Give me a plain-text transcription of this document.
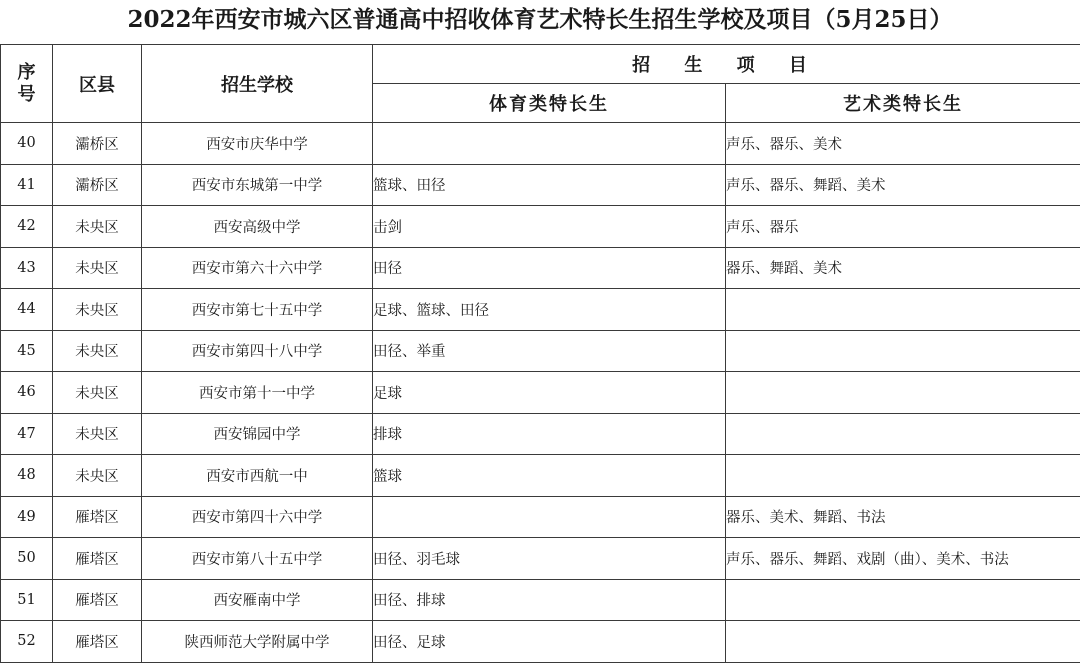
2022年西安市城六区普通高中招收体育艺术特长生招生学校及项目（5月25日）
序号	区县	招生学校	招 生 项 目	
			体育类特长生	艺术类特长生
40	灞桥区	西安市庆华中学		声乐、器乐、美术
41	灞桥区	西安市东城第一中学	篮球、田径	声乐、器乐、舞蹈、美术
42	未央区	西安高级中学	击剑	声乐、器乐
43	未央区	西安市第六十六中学	田径	器乐、舞蹈、美术
44	未央区	西安市第七十五中学	足球、篮球、田径	
45	未央区	西安市第四十八中学	田径、举重	
46	未央区	西安市第十一中学	足球	
47	未央区	西安锦园中学	排球	
48	未央区	西安市西航一中	篮球	
49	雁塔区	西安市第四十六中学		器乐、美术、舞蹈、书法
50	雁塔区	西安市第八十五中学	田径、羽毛球	声乐、器乐、舞蹈、戏剧（曲）、美术、书法
51	雁塔区	西安雁南中学	田径、排球	
52	雁塔区	陕西师范大学附属中学	田径、足球	
